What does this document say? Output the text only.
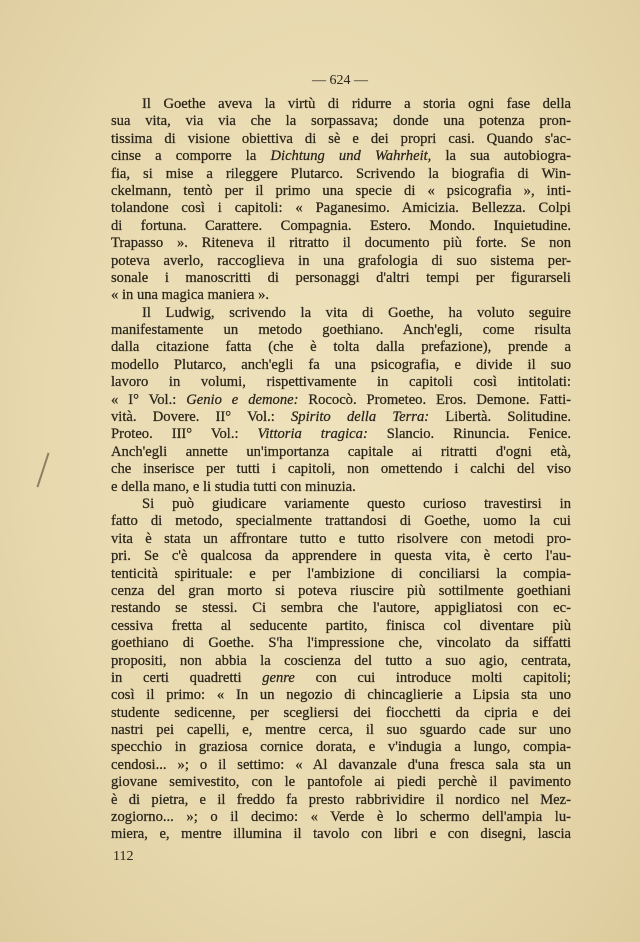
— 624 —
Il Goethe aveva la virtù di ridurre a storia ogni fase della
sua vita, via via che la sorpassava; donde una potenza pron-
tissima di visione obiettiva di sè e dei propri casi. Quando s'ac-
cinse a comporre la Dichtung und Wahrheit, la sua autobiogra-
fia, si mise a rileggere Plutarco. Scrivendo la biografia di Win-
ckelmann, tentò per il primo una specie di « psicografia », inti-
tolandone così i capitoli: « Paganesimo. Amicizia. Bellezza. Colpi
di fortuna. Carattere. Compagnia. Estero. Mondo. Inquietudine.
Trapasso ». Riteneva il ritratto il documento più forte. Se non
poteva averlo, raccoglieva in una grafologia di suo sistema per-
sonale i manoscritti di personaggi d'altri tempi per figurarseli
« in una magica maniera ».
Il Ludwig, scrivendo la vita di Goethe, ha voluto seguire
manifestamente un metodo goethiano. Anch'egli, come risulta
dalla citazione fatta (che è tolta dalla prefazione), prende a
modello Plutarco, anch'egli fa una psicografia, e divide il suo
lavoro in volumi, rispettivamente in capitoli così intitolati:
« I° Vol.: Genio e demone: Rococò. Prometeo. Eros. Demone. Fatti-
vità. Dovere. II° Vol.: Spirito della Terra: Libertà. Solitudine.
Proteo. III° Vol.: Vittoria tragica: Slancio. Rinuncia. Fenice.
Anch'egli annette un'importanza capitale ai ritratti d'ogni età,
che inserisce per tutti i capitoli, non omettendo i calchi del viso
e della mano, e li studia tutti con minuzia.
Si può giudicare variamente questo curioso travestirsi in
fatto di metodo, specialmente trattandosi di Goethe, uomo la cui
vita è stata un affrontare tutto e tutto risolvere con metodi pro-
pri. Se c'è qualcosa da apprendere in questa vita, è certo l'au-
tenticità spirituale: e per l'ambizione di conciliarsi la compia-
cenza del gran morto si poteva riuscire più sottilmente goethiani
restando se stessi. Ci sembra che l'autore, appigliatosi con ec-
cessiva fretta al seducente partito, finisca col diventare più
goethiano di Goethe. S'ha l'impressione che, vincolato da siffatti
propositi, non abbia la coscienza del tutto a suo agio, centrata,
in certi quadretti genre con cui introduce molti capitoli;
così il primo: « In un negozio di chincaglierie a Lipsia sta uno
studente sedicenne, per scegliersi dei fiocchetti da cipria e dei
nastri pei capelli, e, mentre cerca, il suo sguardo cade sur uno
specchio in graziosa cornice dorata, e v'indugia a lungo, compia-
cendosi... »; o il settimo: « Al davanzale d'una fresca sala sta un
giovane semivestito, con le pantofole ai piedi perchè il pavimento
è di pietra, e il freddo fa presto rabbrividire il nordico nel Mez-
zogiorno... »; o il decimo: « Verde è lo schermo dell'ampia lu-
miera, e, mentre illumina il tavolo con libri e con disegni, lascia
112
